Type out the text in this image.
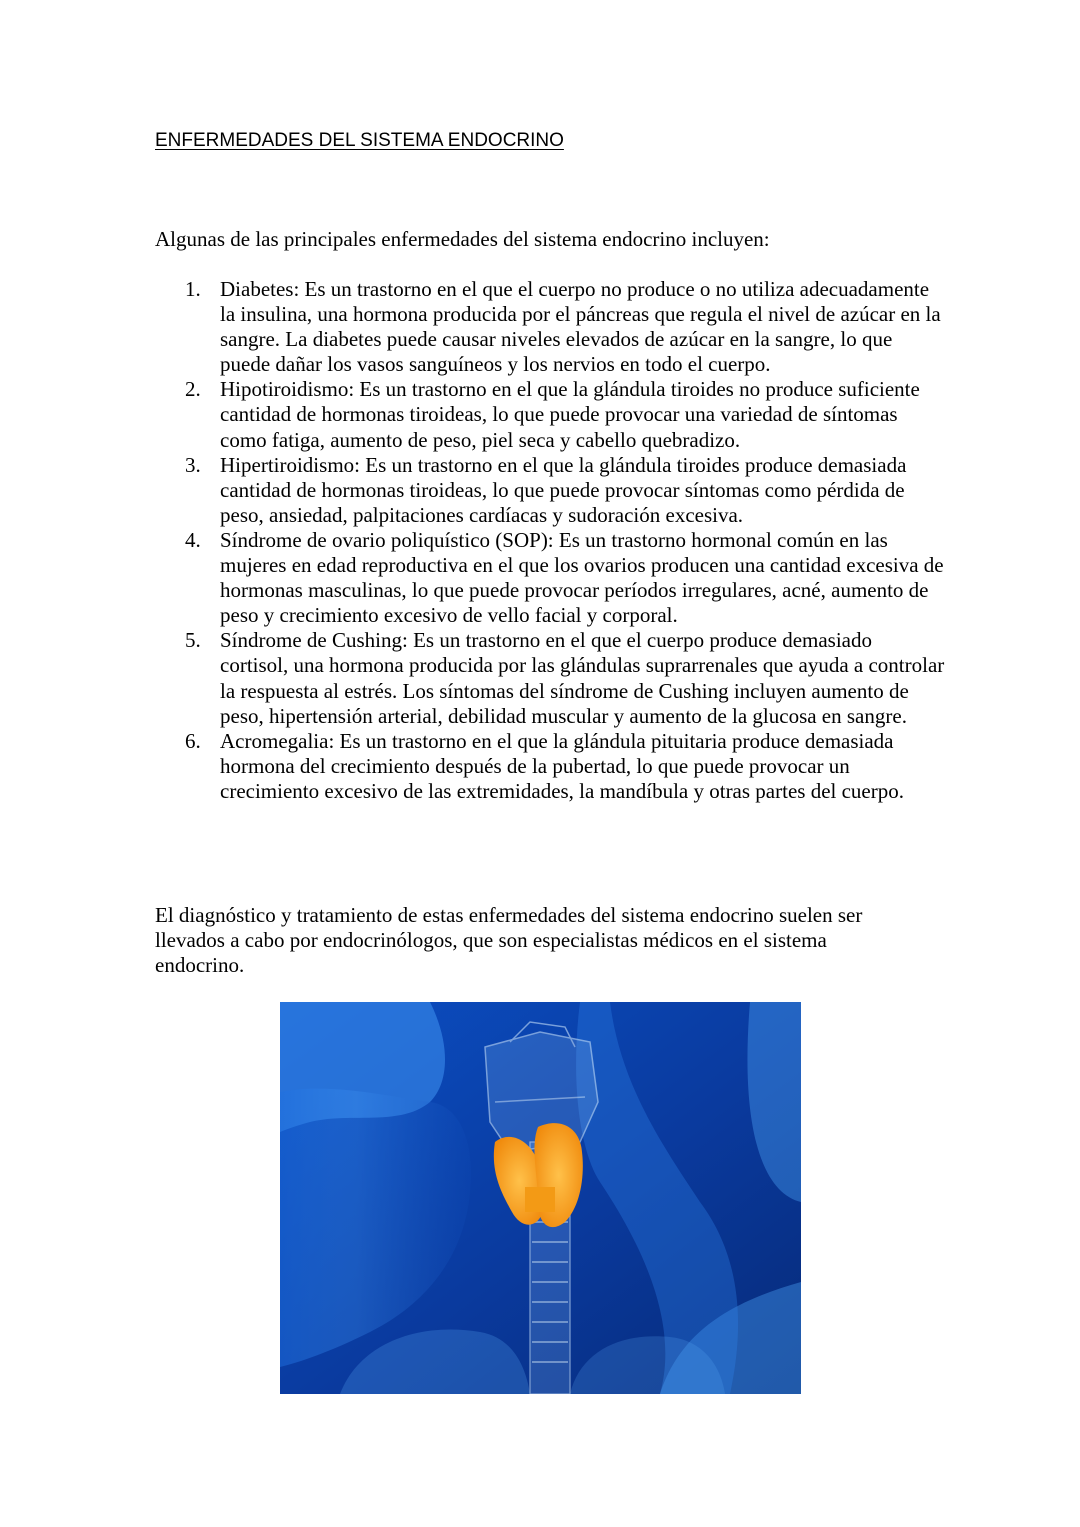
ENFERMEDADES DEL SISTEMA ENDOCRINO

Algunas de las principales enfermedades del sistema endocrino incluyen:

1. Diabetes: Es un trastorno en el que el cuerpo no produce o no utiliza adecuadamente la insulina, una hormona producida por el páncreas que regula el nivel de azúcar en la sangre. La diabetes puede causar niveles elevados de azúcar en la sangre, lo que puede dañar los vasos sanguíneos y los nervios en todo el cuerpo.
2. Hipotiroidismo: Es un trastorno en el que la glándula tiroides no produce suficiente cantidad de hormonas tiroideas, lo que puede provocar una variedad de síntomas como fatiga, aumento de peso, piel seca y cabello quebradizo.
3. Hipertiroidismo: Es un trastorno en el que la glándula tiroides produce demasiada cantidad de hormonas tiroideas, lo que puede provocar síntomas como pérdida de peso, ansiedad, palpitaciones cardíacas y sudoración excesiva.
4. Síndrome de ovario poliquístico (SOP): Es un trastorno hormonal común en las mujeres en edad reproductiva en el que los ovarios producen una cantidad excesiva de hormonas masculinas, lo que puede provocar períodos irregulares, acné, aumento de peso y crecimiento excesivo de vello facial y corporal.
5. Síndrome de Cushing: Es un trastorno en el que el cuerpo produce demasiado cortisol, una hormona producida por las glándulas suprarrenales que ayuda a controlar la respuesta al estrés. Los síntomas del síndrome de Cushing incluyen aumento de peso, hipertensión arterial, debilidad muscular y aumento de la glucosa en sangre.
6. Acromegalia: Es un trastorno en el que la glándula pituitaria produce demasiada hormona del crecimiento después de la pubertad, lo que puede provocar un crecimiento excesivo de las extremidades, la mandíbula y otras partes del cuerpo.

El diagnóstico y tratamiento de estas enfermedades del sistema endocrino suelen ser llevados a cabo por endocrinólogos, que son especialistas médicos en el sistema endocrino.
